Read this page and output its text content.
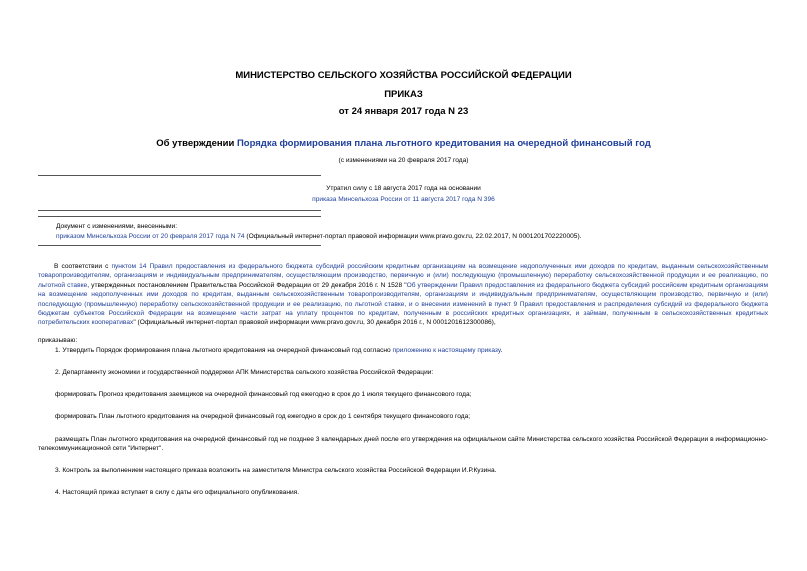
МИНИСТЕРСТВО СЕЛЬСКОГО ХОЗЯЙСТВА РОССИЙСКОЙ ФЕДЕРАЦИИ
ПРИКАЗ
от 24 января 2017 года N 23
Об утверждении Порядка формирования плана льготного кредитования на очередной финансовый год
(с изменениями на 20 февраля 2017 года)
Утратил силу с 18 августа 2017 года на основании
приказа Минсельхоза России от 11 августа 2017 года N 396
Документ с изменениями, внесенными:
приказом Минсельхоза России от 20 февраля 2017 года N 74 (Официальный интернет-портал правовой информации www.pravo.gov.ru, 22.02.2017, N 0001201702220005).
В соответствии с пунктом 14 Правил предоставления из федерального бюджета субсидий российским кредитным организациям на возмещение недополученных ими доходов по кредитам, выданным сельскохозяйственным товаропроизводителям, организациям и индивидуальным предпринимателям, осуществляющим производство, первичную и (или) последующую (промышленную) переработку сельскохозяйственной продукции и ее реализацию, по льготной ставке, утвержденных постановлением Правительства Российской Федерации от 29 декабря 2016 г. N 1528 "Об утверждении Правил предоставления из федерального бюджета субсидий российским кредитным организациям на возмещение недополученных ими доходов по кредитам, выданным сельскохозяйственным товаропроизводителям, организациям и индивидуальным предпринимателям, осуществляющим производство, первичную и (или) последующую (промышленную) переработку сельскохозяйственной продукции и ее реализацию, по льготной ставке, и о внесении изменений в пункт 9 Правил предоставления и распределения субсидий из федерального бюджета бюджетам субъектов Российской Федерации на возмещение части затрат на уплату процентов по кредитам, полученным в российских кредитных организациях, и займам, полученным в сельскохозяйственных кредитных потребительских кооперативах" (Официальный интернет-портал правовой информации www.pravo.gov.ru, 30 декабря 2016 г., N 0001201612300086),
приказываю:
1. Утвердить Порядок формирования плана льготного кредитования на очередной финансовый год согласно приложению к настоящему приказу.
2. Департаменту экономики и государственной поддержки АПК Министерства сельского хозяйства Российской Федерации:
формировать Прогноз кредитования заемщиков на очередной финансовый год ежегодно в срок до 1 июля текущего финансового года;
формировать План льготного кредитования на очередной финансовый год ежегодно в срок до 1 сентября текущего финансового года;
размещать План льготного кредитования на очередной финансовый год не позднее 3 календарных дней после его утверждения на официальном сайте Министерства сельского хозяйства Российской Федерации в информационно-телекоммуникационной сети "Интернет".
3. Контроль за выполнением настоящего приказа возложить на заместителя Министра сельского хозяйства Российской Федерации И.Р.Кузина.
4. Настоящий приказ вступает в силу с даты его официального опубликования.
